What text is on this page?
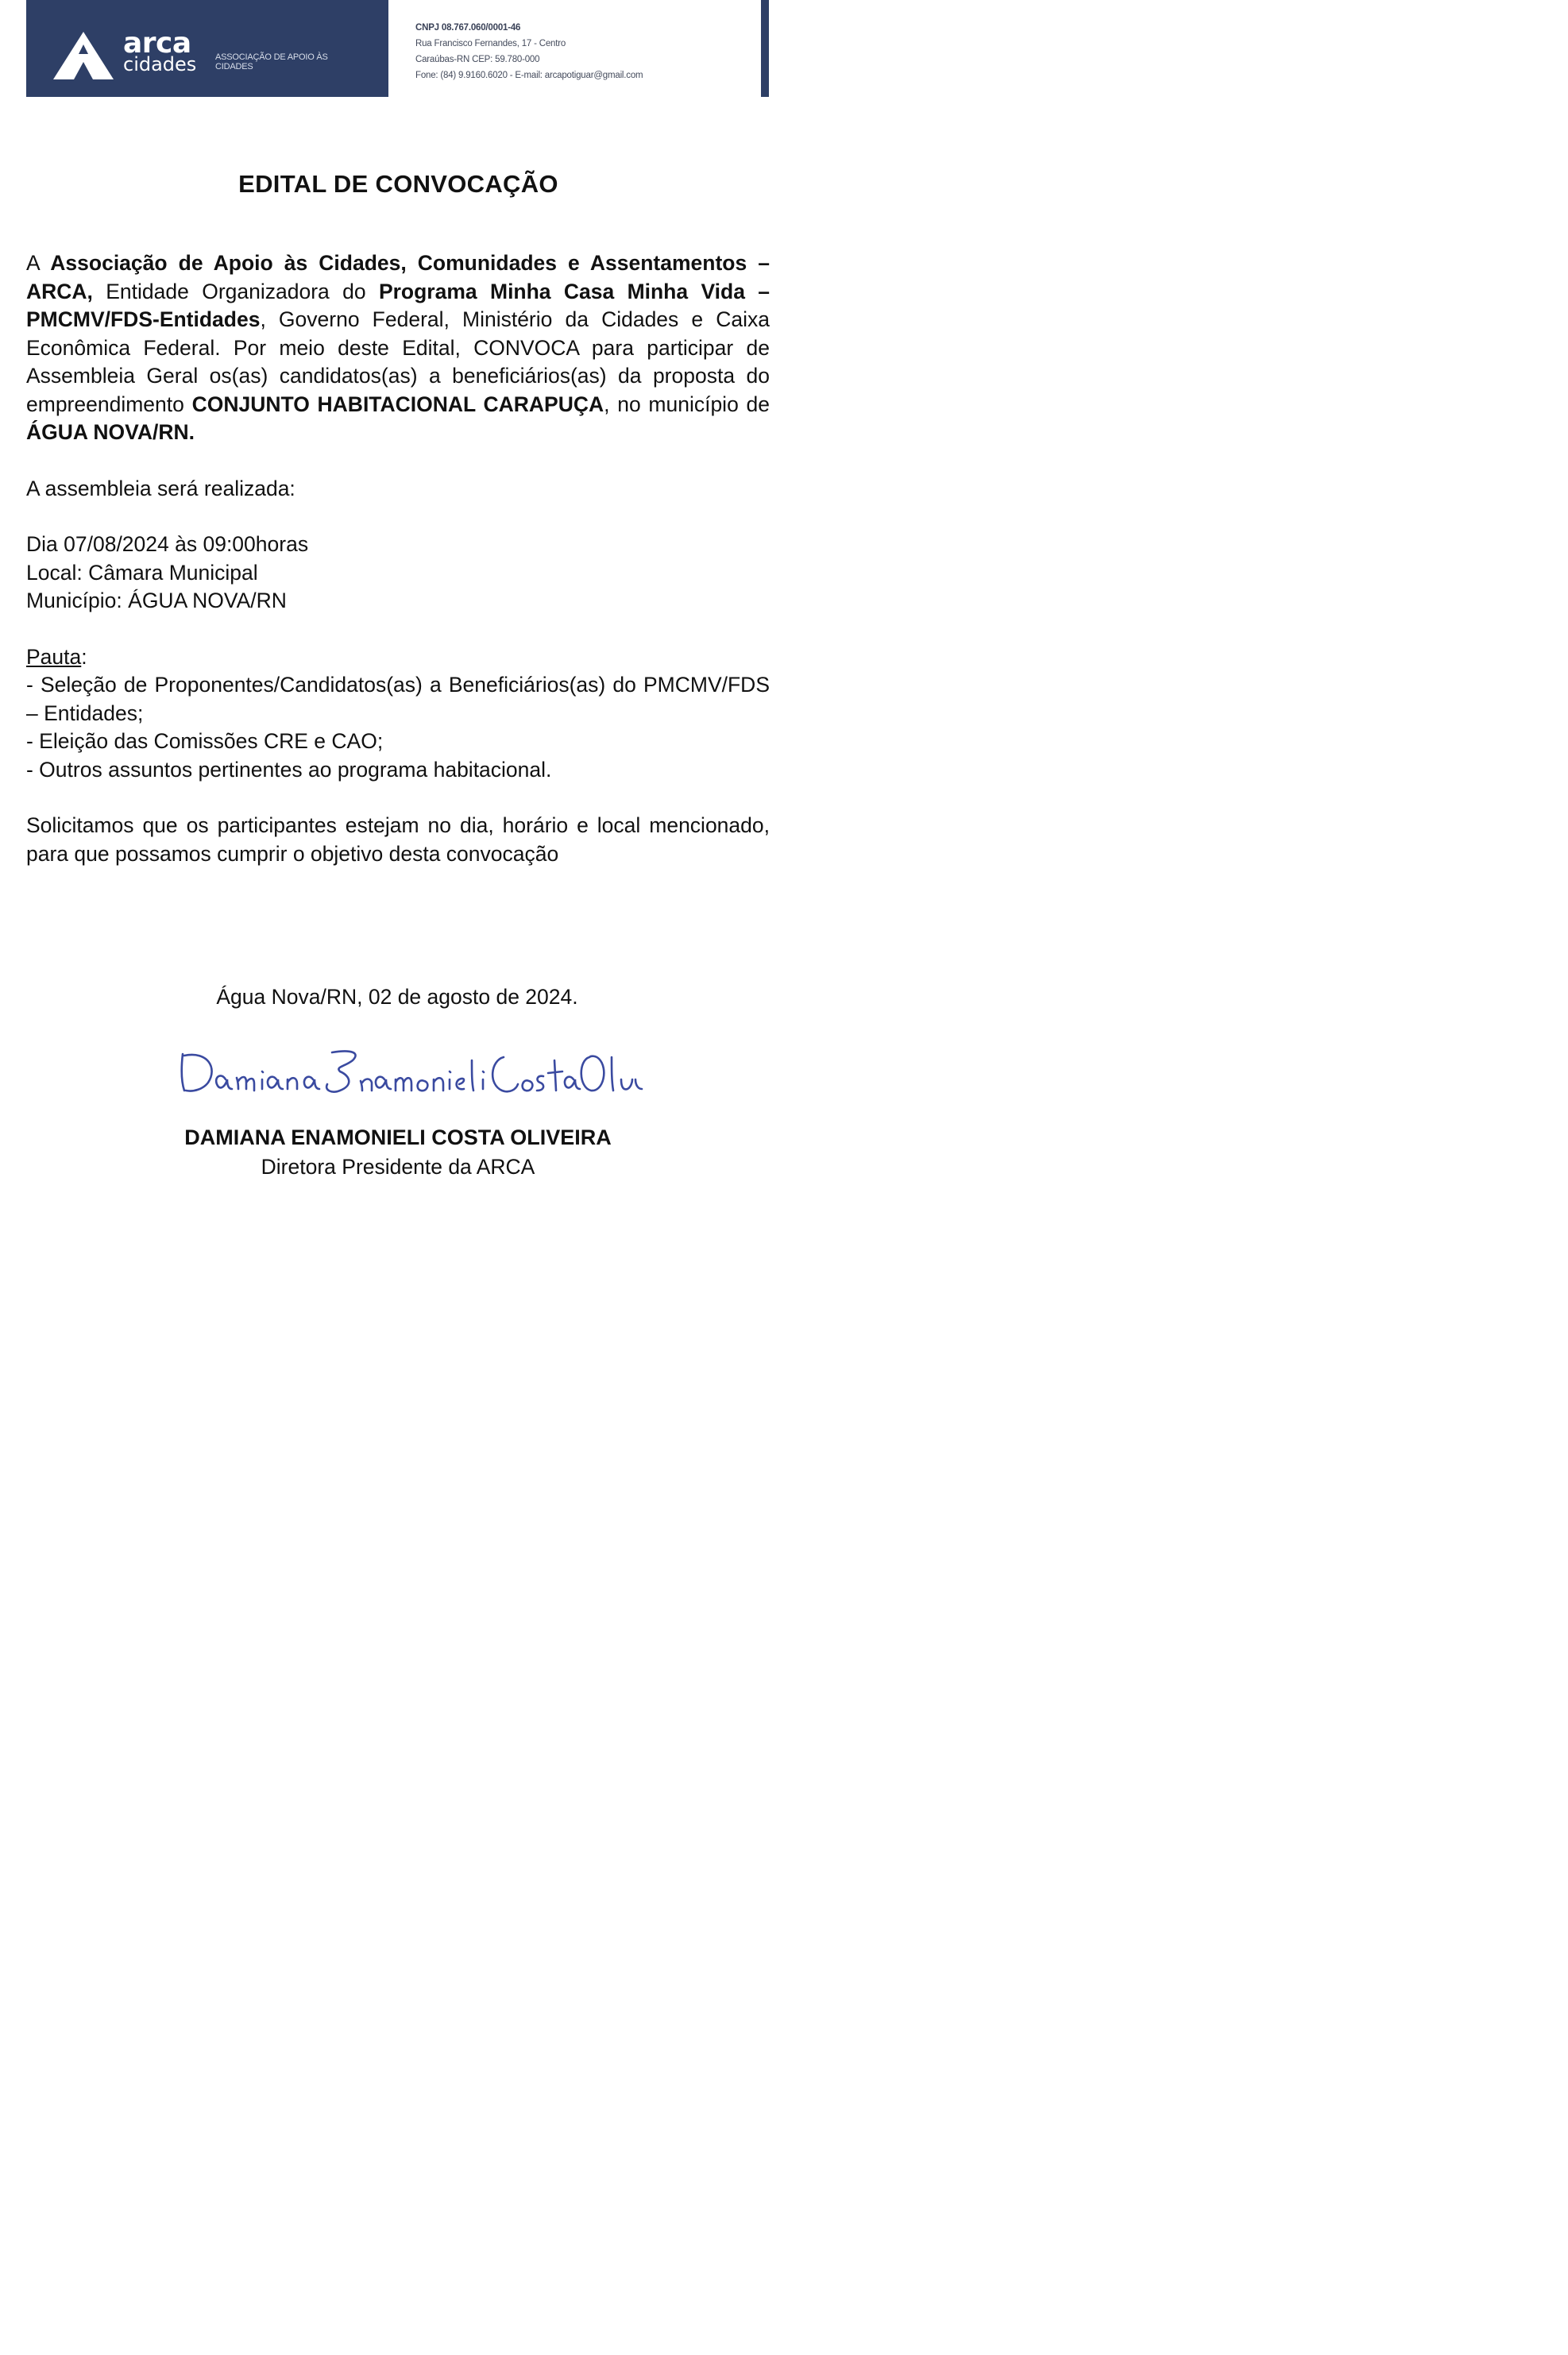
arca
cidades ASSOCIAÇÃO DE APOIO ÀS CIDADES
CNPJ 08.767.060/0001-46
Rua Francisco Fernandes, 17 - Centro
Caraúbas-RN CEP: 59.780-000
Fone: (84) 9.9160.6020 - E-mail: arcapotiguar@gmail.com
EDITAL DE CONVOCAÇÃO

A Associação de Apoio às Cidades, Comunidades e Assentamentos – ARCA, Entidade Organizadora do Programa Minha Casa Minha Vida – PMCMV/FDS-Entidades, Governo Federal, Ministério da Cidades e Caixa Econômica Federal. Por meio deste Edital, CONVOCA para participar de Assembleia Geral os(as) candidatos(as) a beneficiários(as) da proposta do empreendimento CONJUNTO HABITACIONAL CARAPUÇA, no município de ÁGUA NOVA/RN.

A assembleia será realizada:

Dia 07/08/2024 às 09:00horas

Local: Câmara Municipal

Município: ÁGUA NOVA/RN

Pauta:

- Seleção de Proponentes/Candidatos(as) a Beneficiários(as) do PMCMV/FDS – Entidades;

- Eleição das Comissões CRE e CAO;

- Outros assuntos pertinentes ao programa habitacional.

Solicitamos que os participantes estejam no dia, horário e local mencionado, para que possamos cumprir o objetivo desta convocação

Água Nova/RN, 02 de agosto de 2024.

DAMIANA ENAMONIELI COSTA OLIVEIRA

Diretora Presidente da ARCA
